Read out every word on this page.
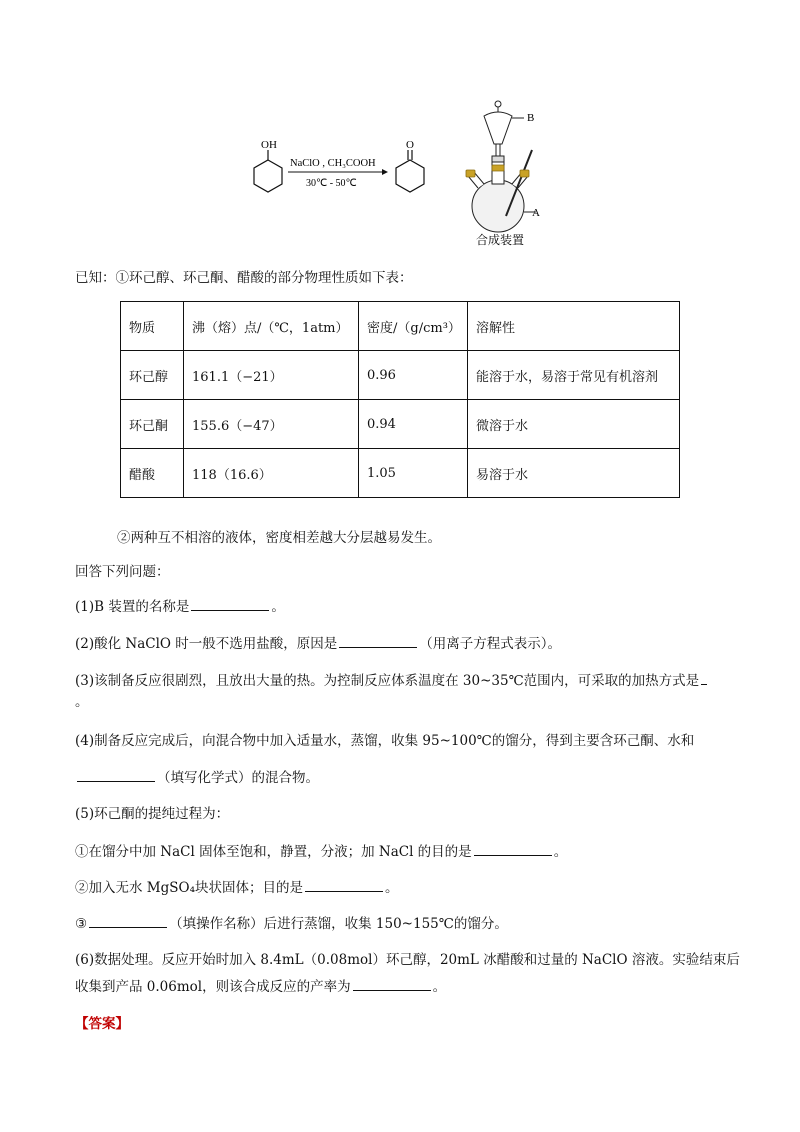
OH
NaClO , CH₃COOH
30℃ - 50℃
O
B
A
合成装置
已知：①环己醇、环己酮、醋酸的部分物理性质如下表：
物质	沸（熔）点/（℃，1atm）	密度/（g/cm³）	溶解性
环己醇	161.1（−21）	0.96	能溶于水，易溶于常见有机溶剂
环己酮	155.6（−47）	0.94	微溶于水
醋酸	118（16.6）	1.05	易溶于水
②两种互不相溶的液体，密度相差越大分层越易发生。
回答下列问题：
(1)B 装置的名称是	。
(2)酸化 NaClO 时一般不选用盐酸，原因是	（用离子方程式表示）。
(3)该制备反应很剧烈，且放出大量的热。为控制反应体系温度在 30~35℃范围内，可采取的加热方式是
。
(4)制备反应完成后，向混合物中加入适量水，蒸馏，收集 95~100℃的馏分，得到主要含环己酮、水和
（填写化学式）的混合物。
(5)环己酮的提纯过程为：
①在馏分中加 NaCl 固体至饱和，静置，分液；加 NaCl 的目的是	。
②加入无水 MgSO₄块状固体；目的是	。
③	（填操作名称）后进行蒸馏，收集 150~155℃的馏分。
(6)数据处理。反应开始时加入 8.4mL（0.08mol）环己醇，20mL 冰醋酸和过量的 NaClO 溶液。实验结束后
收集到产品 0.06mol，则该合成反应的产率为	。
【答案】
